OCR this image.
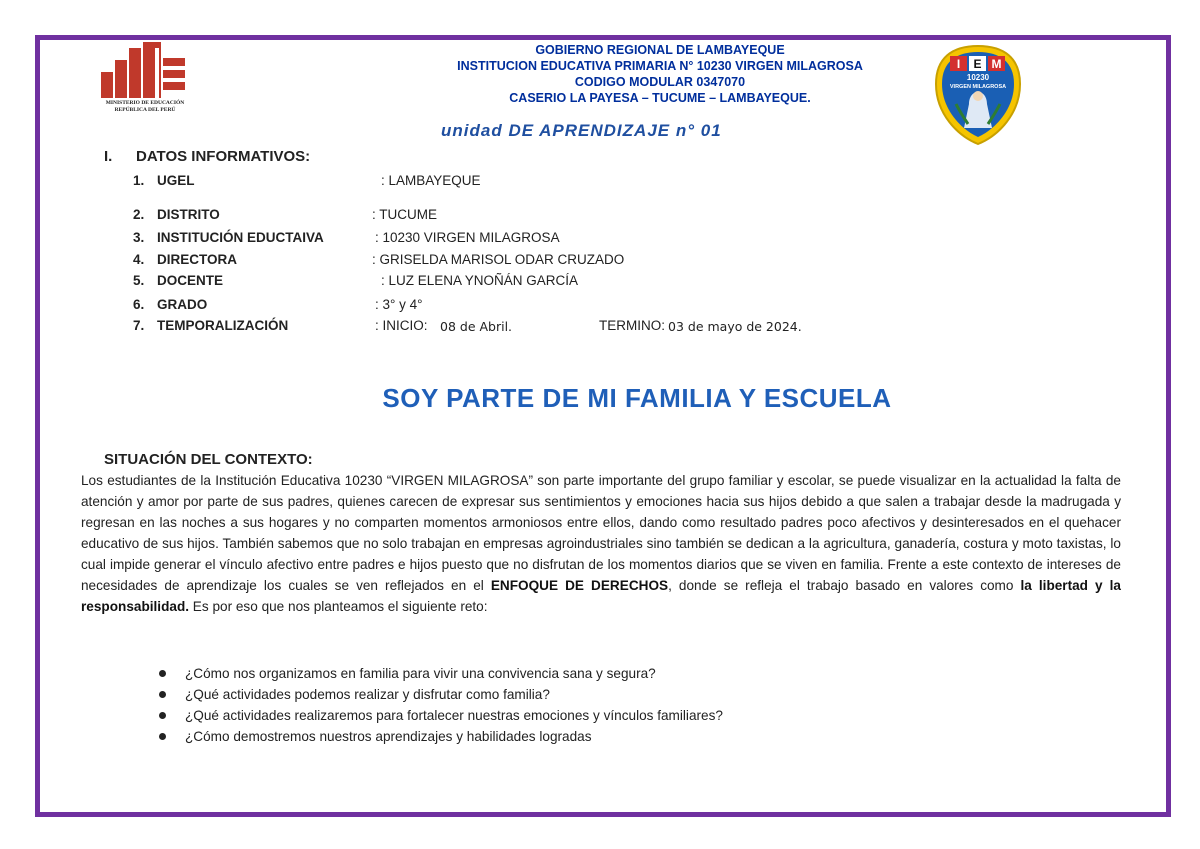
MINISTERIO DE EDUCACIÓN
REPÚBLICA DEL PERÚ
GOBIERNO REGIONAL DE LAMBAYEQUE
INSTITUCION EDUCATIVA PRIMARIA N° 10230 VIRGEN MILAGROSA
CODIGO MODULAR 0347070
CASERIO LA PAYESA – TUCUME – LAMBAYEQUE.
unidad DE APRENDIZAJE n° 01
I E M
10230
VIRGEN MILAGROSA
I. DATOS INFORMATIVOS:
1. UGEL	: LAMBAYEQUE
2. DISTRITO	: TUCUME
3. INSTITUCIÓN EDUCTAIVA	: 10230 VIRGEN MILAGROSA
4. DIRECTORA	: GRISELDA MARISOL ODAR CRUZADO
5. DOCENTE	: LUZ ELENA YNOÑÁN GARCÍA
6. GRADO	: 3° y 4°
7. TEMPORALIZACIÓN	: INICIO: 08 de Abril.	TERMINO: 03 de mayo de 2024.
SOY PARTE DE MI FAMILIA Y ESCUELA
SITUACIÓN DEL CONTEXTO:
Los estudiantes de la Institución Educativa 10230 “VIRGEN MILAGROSA” son parte importante del grupo familiar y escolar, se puede visualizar en la actualidad la falta de atención y amor por parte de sus padres, quienes carecen de expresar sus sentimientos y emociones hacia sus hijos debido a que salen a trabajar desde la madrugada y regresan en las noches a sus hogares y no comparten momentos armoniosos entre ellos, dando como resultado padres poco afectivos y desinteresados en el quehacer educativo de sus hijos. También sabemos que no solo trabajan en empresas agroindustriales sino también se dedican a la agricultura, ganadería, costura y moto taxistas, lo cual impide generar el vínculo afectivo entre padres e hijos puesto que no disfrutan de los momentos diarios que se viven en familia. Frente a este contexto de intereses de necesidades de aprendizaje los cuales se ven reflejados en el ENFOQUE DE DERECHOS, donde se refleja el trabajo basado en valores como la libertad y la responsabilidad. Es por eso que nos planteamos el siguiente reto:
¿Cómo nos organizamos en familia para vivir una convivencia sana y segura?
¿Qué actividades podemos realizar y disfrutar como familia?
¿Qué actividades realizaremos para fortalecer nuestras emociones y vínculos familiares?
¿Cómo demostremos nuestros aprendizajes y habilidades logradas
